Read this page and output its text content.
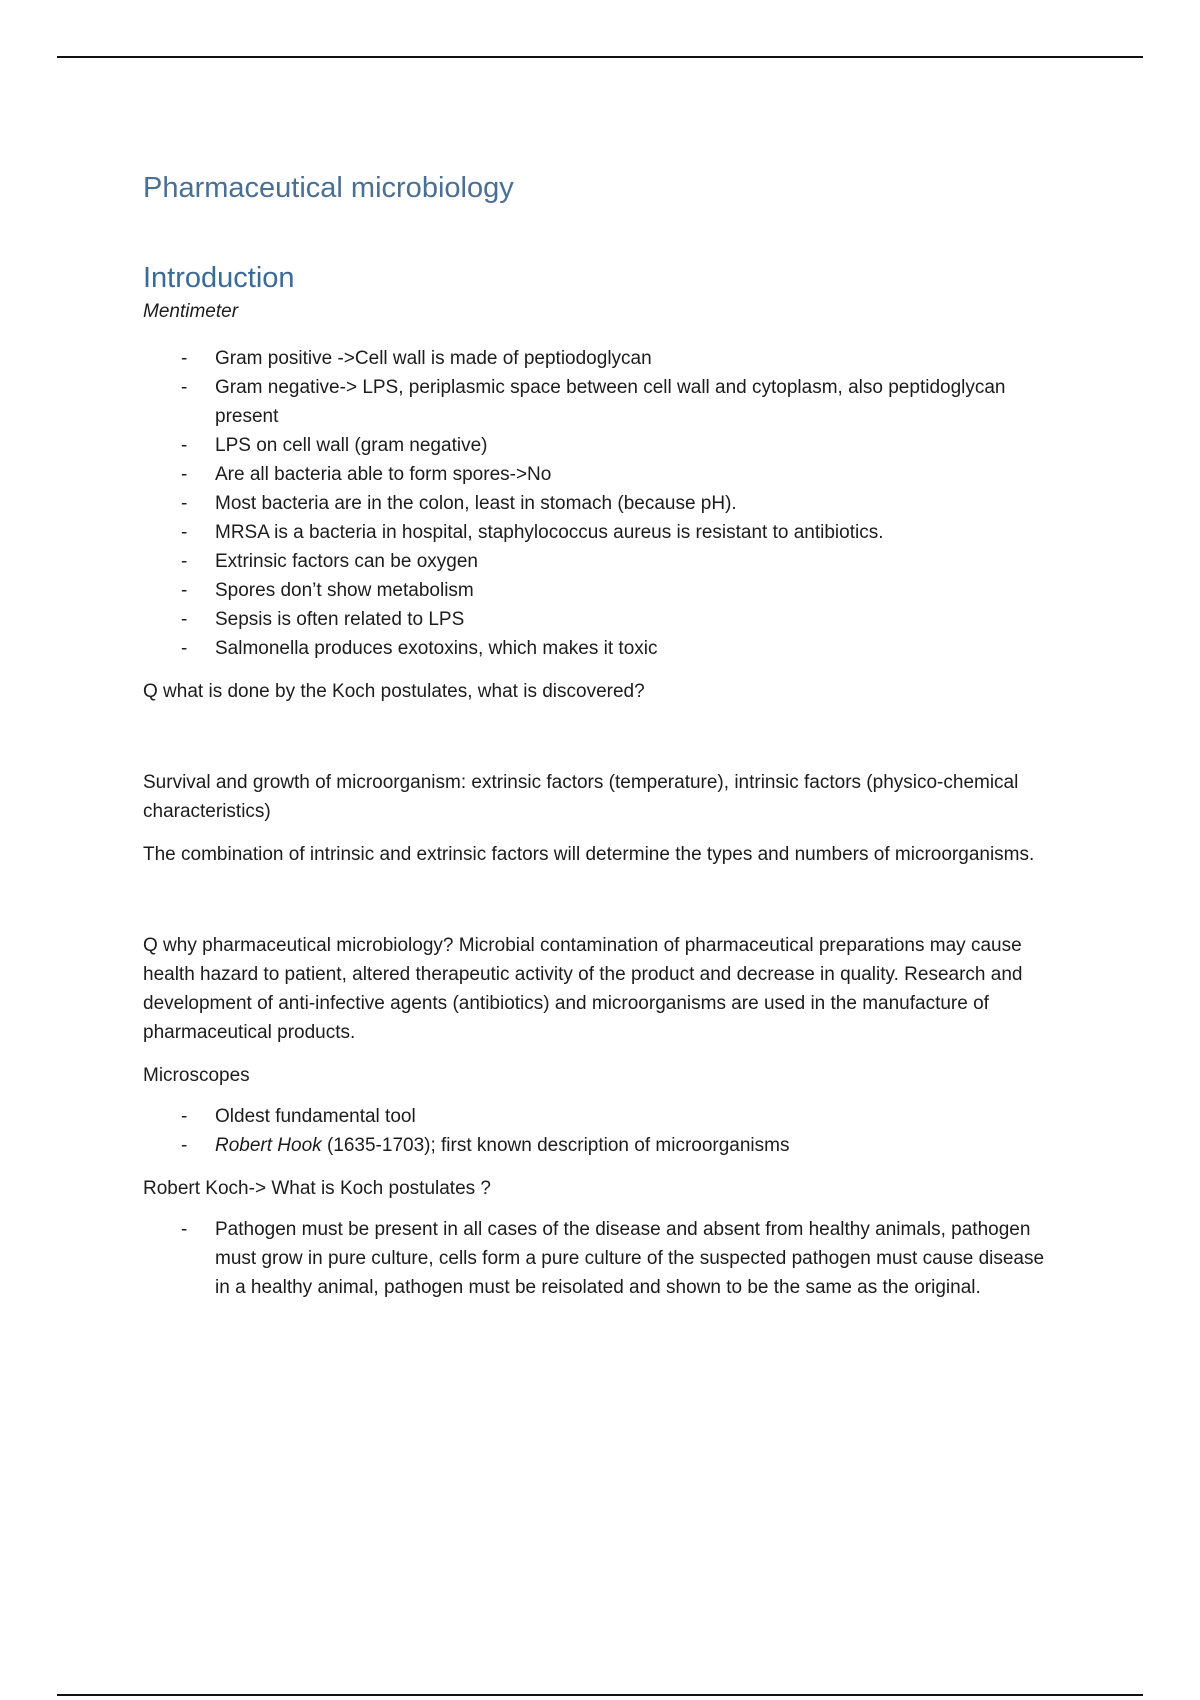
Pharmaceutical microbiology
Introduction
Mentimeter
- Gram positive ->Cell wall is made of peptiodoglycan
- Gram negative-> LPS, periplasmic space between cell wall and cytoplasm, also peptidoglycan present
- LPS on cell wall (gram negative)
- Are all bacteria able to form spores->No
- Most bacteria are in the colon, least in stomach (because pH).
- MRSA is a bacteria in hospital, staphylococcus aureus is resistant to antibiotics.
- Extrinsic factors can be oxygen
- Spores don’t show metabolism
- Sepsis is often related to LPS
- Salmonella produces exotoxins, which makes it toxic

Q what is done by the Koch postulates, what is discovered?

Survival and growth of microorganism: extrinsic factors (temperature), intrinsic factors (physico-chemical characteristics)

The combination of intrinsic and extrinsic factors will determine the types and numbers of microorganisms.

Q why pharmaceutical microbiology? Microbial contamination of pharmaceutical preparations may cause health hazard to patient, altered therapeutic activity of the product and decrease in quality. Research and development of anti-infective agents (antibiotics) and microorganisms are used in the manufacture of pharmaceutical products.

Microscopes

- Oldest fundamental tool
- Robert Hook (1635-1703); first known description of microorganisms

Robert Koch-> What is Koch postulates ?

- Pathogen must be present in all cases of the disease and absent from healthy animals, pathogen must grow in pure culture, cells form a pure culture of the suspected pathogen must cause disease in a healthy animal, pathogen must be reisolated and shown to be the same as the original.
